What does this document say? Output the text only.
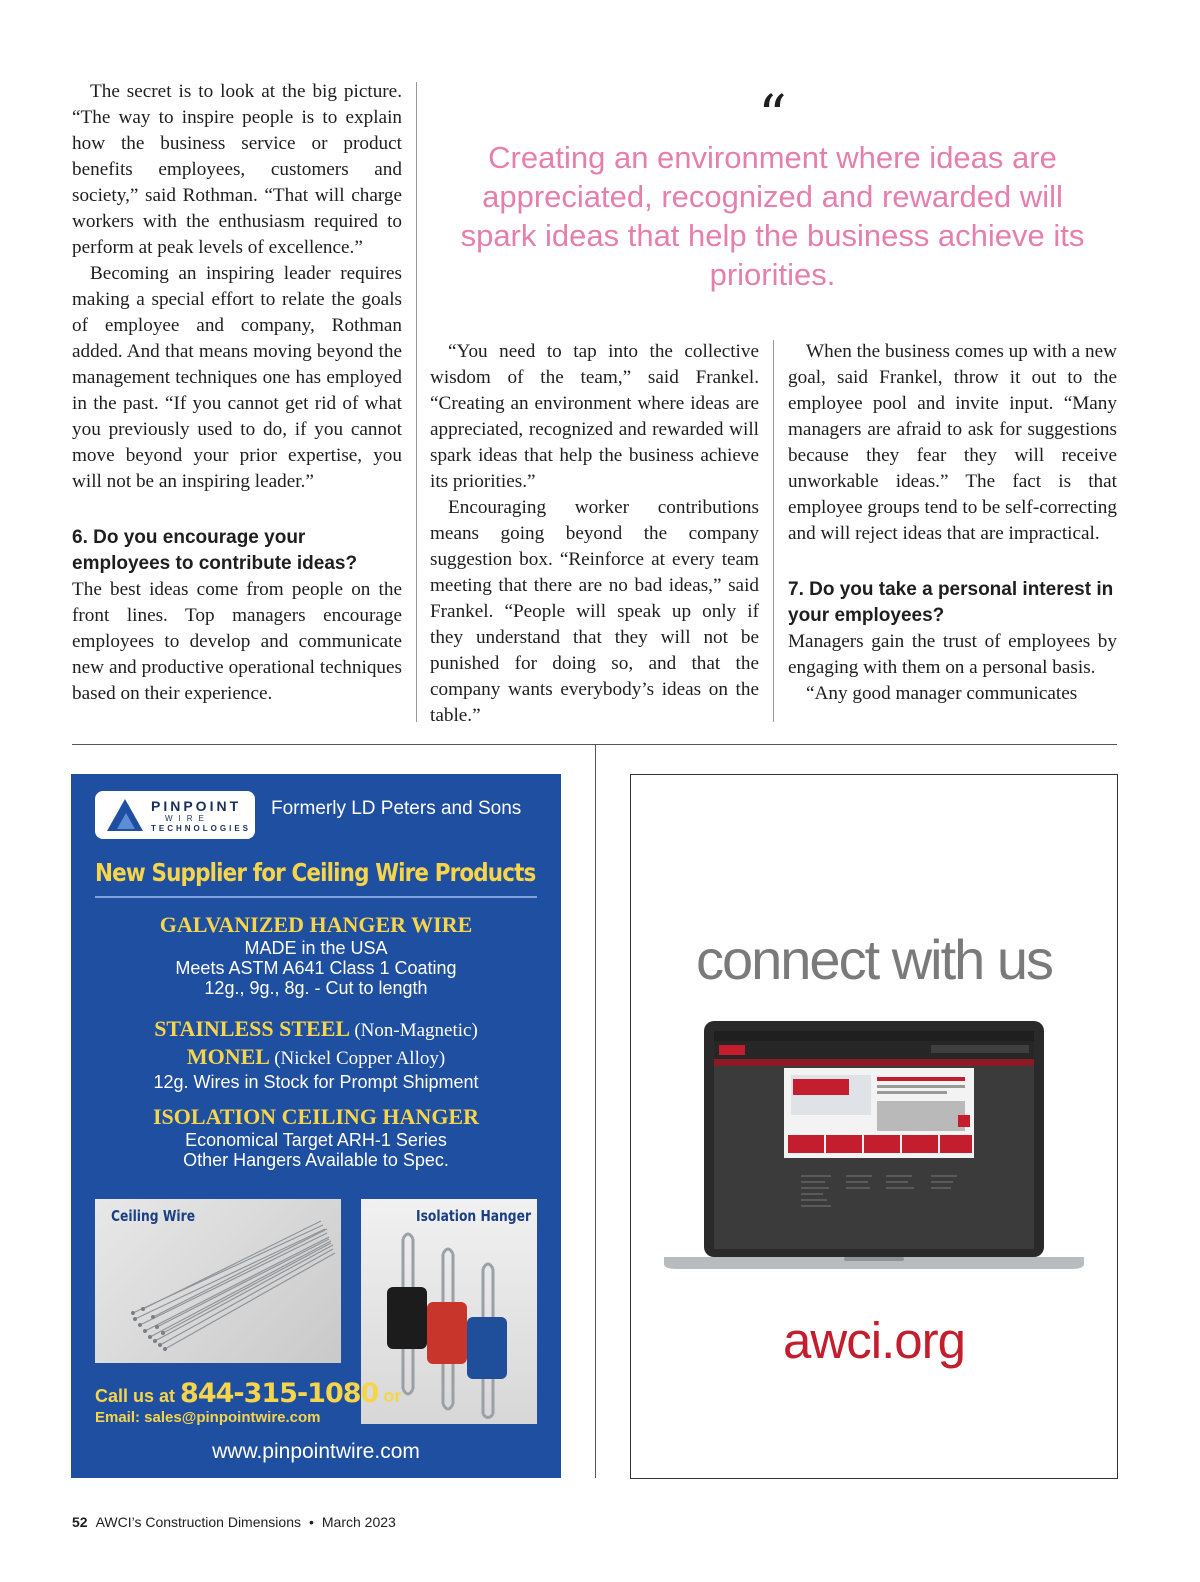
The secret is to look at the big picture. “The way to inspire people is to explain how the business service or product benefits employees, customers and society,” said Rothman. “That will charge workers with the enthusiasm required to perform at peak levels of excellence.”

Becoming an inspiring leader requires making a special effort to relate the goals of employee and company, Rothman added. And that means moving beyond the management techniques one has employed in the past. “If you cannot get rid of what you previously used to do, if you cannot move beyond your prior expertise, you will not be an inspiring leader.”

6. Do you encourage your employees to contribute ideas?

The best ideas come from people on the front lines. Top managers encourage employees to develop and communicate new and productive operational techniques based on their experience.

“
Creating an environment where ideas are appreciated, recognized and rewarded will spark ideas that help the business achieve its priorities.

“You need to tap into the collective wisdom of the team,” said Frankel. “Creating an environment where ideas are appreciated, recognized and rewarded will spark ideas that help the business achieve its priorities.”

Encouraging worker contributions means going beyond the company suggestion box. “Reinforce at every team meeting that there are no bad ideas,” said Frankel. “People will speak up only if they understand that they will not be punished for doing so, and that the company wants everybody’s ideas on the table.”

When the business comes up with a new goal, said Frankel, throw it out to the employee pool and invite input. “Many managers are afraid to ask for suggestions because they fear they will receive unworkable ideas.” The fact is that employee groups tend to be self-correcting and will reject ideas that are impractical.

7. Do you take a personal interest in your employees?

Managers gain the trust of employees by engaging with them on a personal basis.

“Any good manager communicates

PINPOINT
WIRE
TECHNOLOGIES
Formerly LD Peters and Sons
New Supplier for Ceiling Wire Products
GALVANIZED HANGER WIRE
MADE in the USA
Meets ASTM A641 Class 1 Coating
12g., 9g., 8g. - Cut to length
STAINLESS STEEL (Non-Magnetic)
MONEL (Nickel Copper Alloy)
12g. Wires in Stock for Prompt Shipment
ISOLATION CEILING HANGER
Economical Target ARH-1 Series
Other Hangers Available to Spec.
Ceiling Wire	Isolation Hanger
Call us at 844-315-1080 or
Email: sales@pinpointwire.com
www.pinpointwire.com
connect with us
awci.org
52 AWCI’s Construction Dimensions • March 2023
